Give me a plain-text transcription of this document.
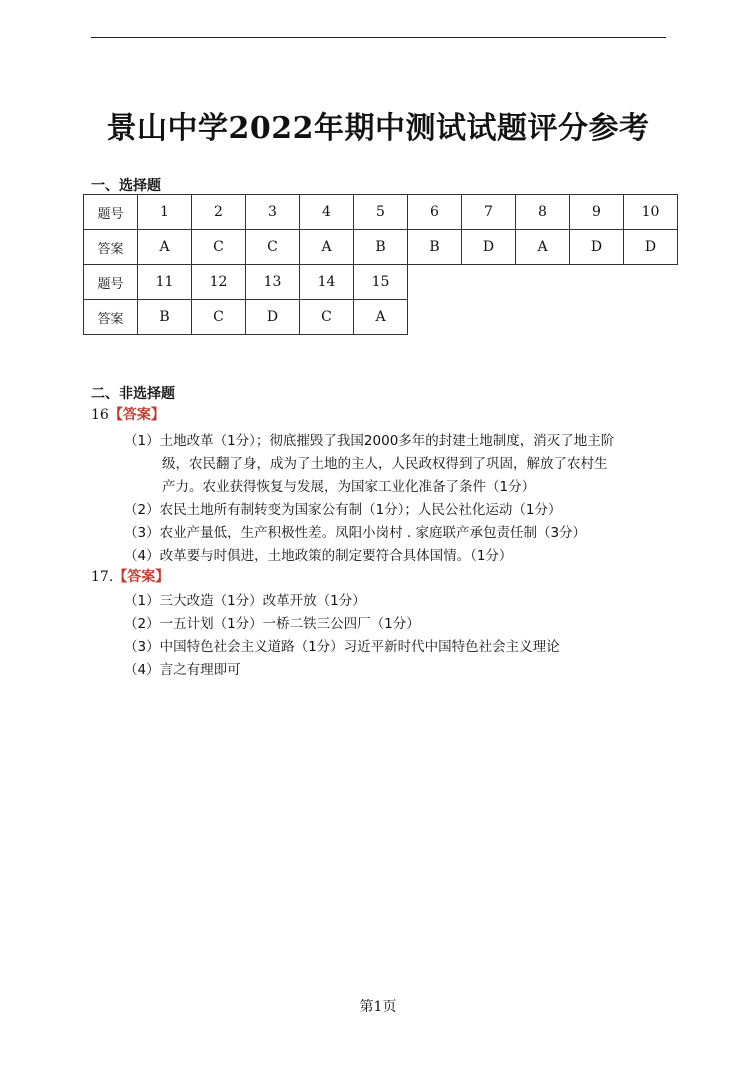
景山中学2022年期中测试试题评分参考
一、选择题
题号	1	2	3	4	5	6	7	8	9	10
答案	A	C	C	A	B	B	D	A	D	D
题号	11	12	13	14	15
答案	B	C	D	C	A
二、非选择题
16【答案】
（1）土地改革（1分）；彻底摧毁了我国2000多年的封建土地制度，消灭了地主阶
级，农民翻了身，成为了土地的主人，人民政权得到了巩固，解放了农村生
产力。农业获得恢复与发展，为国家工业化准备了条件（1分）
（2）农民土地所有制转变为国家公有制（1分）；人民公社化运动（1分）
（3）农业产量低，生产积极性差。凤阳小岗村 . 家庭联产承包责任制（3分）
（4）改革要与时俱进，土地政策的制定要符合具体国情。（1分）
17.【答案】
（1）三大改造（1分）改革开放（1分）
（2）一五计划（1分）一桥二铁三公四厂（1分）
（3）中国特色社会主义道路（1分）习近平新时代中国特色社会主义理论
（4）言之有理即可
第1页
